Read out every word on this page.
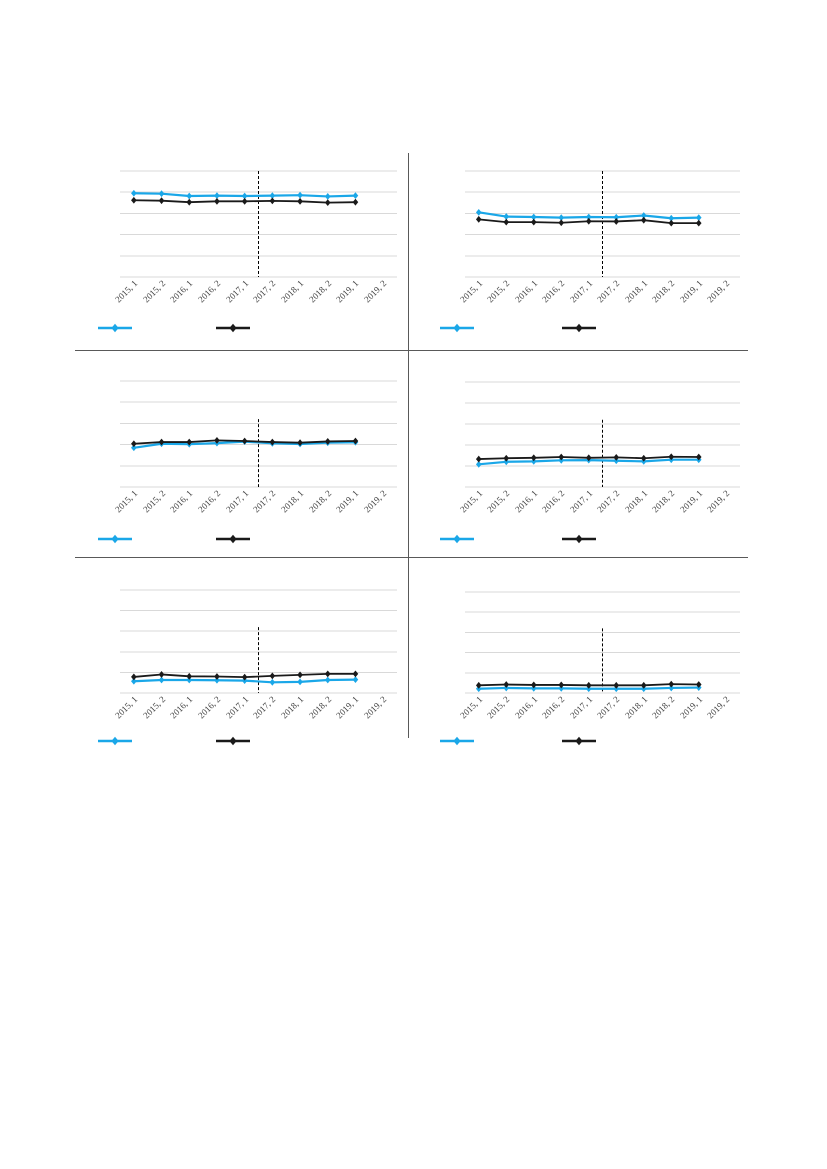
2015, 1 2015, 2 2016, 1 2016, 2 2017, 1 2017, 2 2018, 1 2018, 2 2019, 1 2019, 2	2015, 1 2015, 2 2016, 1 2016, 2 2017, 1 2017, 2 2018, 1 2018, 2 2019, 1 2019, 2
2015, 1 2015, 2 2016, 1 2016, 2 2017, 1 2017, 2 2018, 1 2018, 2 2019, 1 2019, 2	2015, 1 2015, 2 2016, 1 2016, 2 2017, 1 2017, 2 2018, 1 2018, 2 2019, 1 2019, 2
2015, 1 2015, 2 2016, 1 2016, 2 2017, 1 2017, 2 2018, 1 2018, 2 2019, 1 2019, 2	2015, 1 2015, 2 2016, 1 2016, 2 2017, 1 2017, 2 2018, 1 2018, 2 2019, 1 2019, 2
